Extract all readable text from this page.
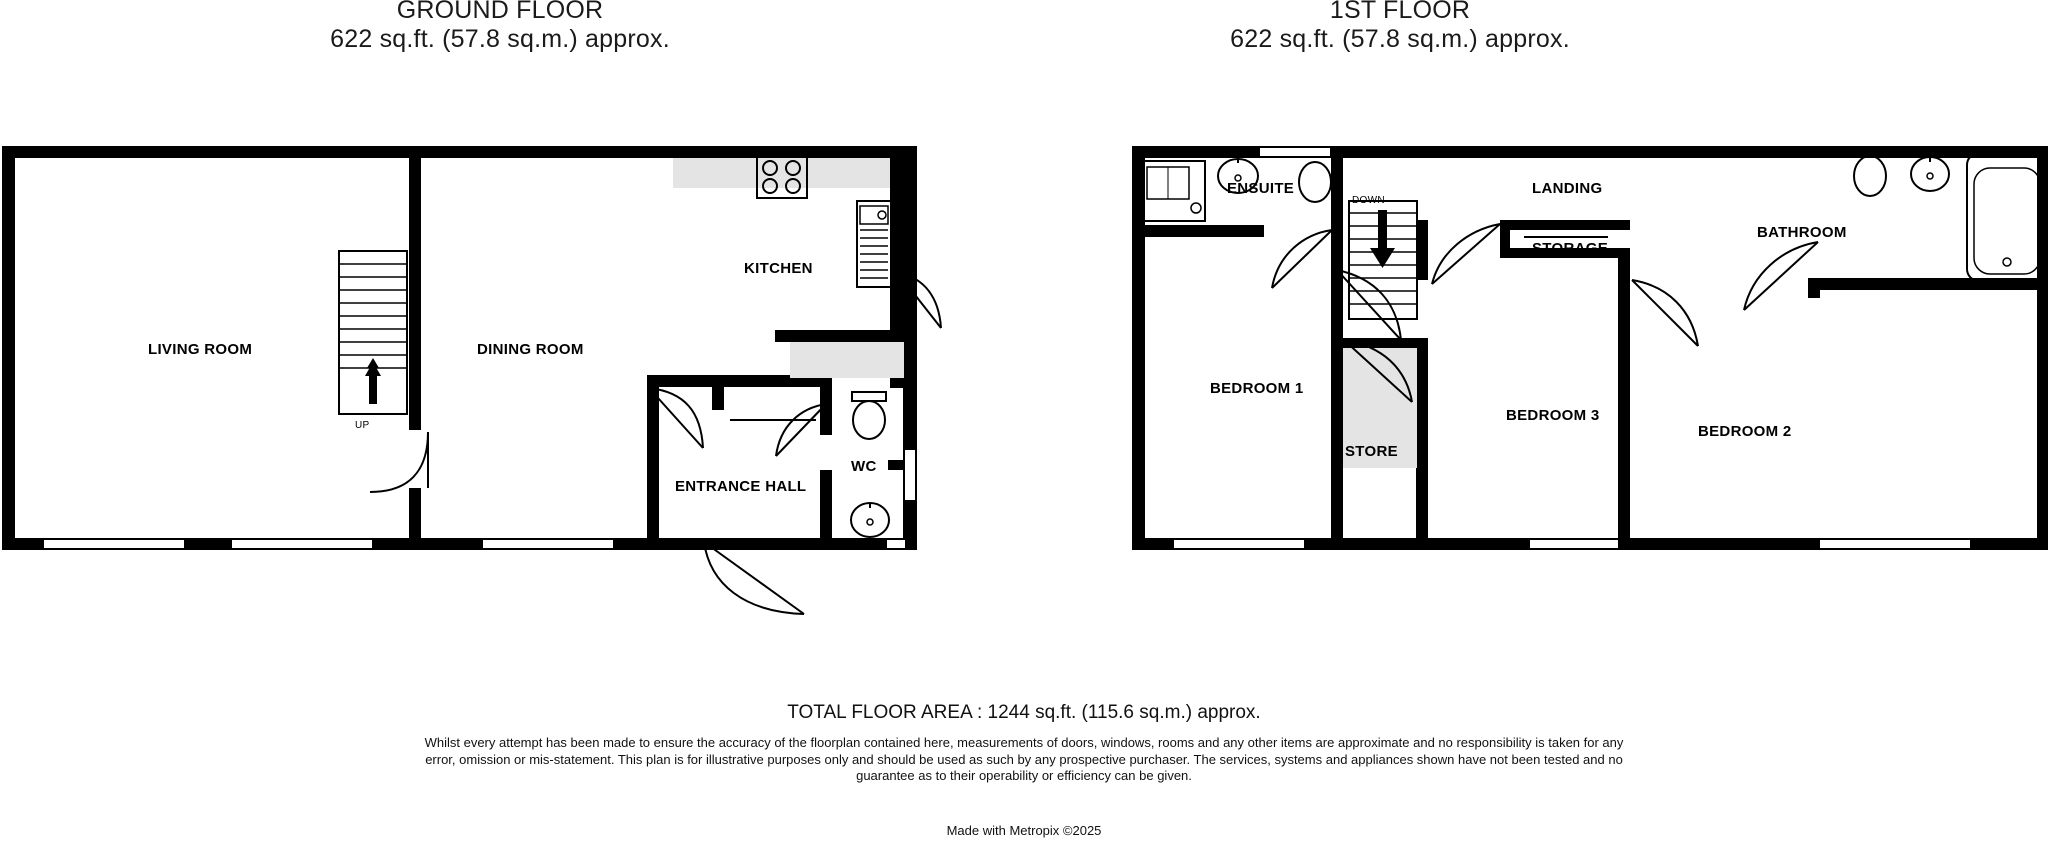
GROUND FLOOR
622 sq.ft. (57.8 sq.m.) approx.
1ST FLOOR
622 sq.ft. (57.8 sq.m.) approx.
UP
LIVING ROOM	DINING ROOM
KITCHEN
ENTRANCE HALL
WC
DOWN
ENSUITE	LANDING
STORAGE
BATHROOM
BEDROOM 1
STORE
BEDROOM 3
BEDROOM 2
TOTAL FLOOR AREA : 1244 sq.ft. (115.6 sq.m.) approx.
Whilst every attempt has been made to ensure the accuracy of the floorplan contained here, measurements of doors, windows, rooms and any other items are approximate and no responsibility is taken for any error, omission or mis-statement. This plan is for illustrative purposes only and should be used as such by any prospective purchaser. The services, systems and appliances shown have not been tested and no guarantee as to their operability or efficiency can be given.
Made with Metropix ©2025
